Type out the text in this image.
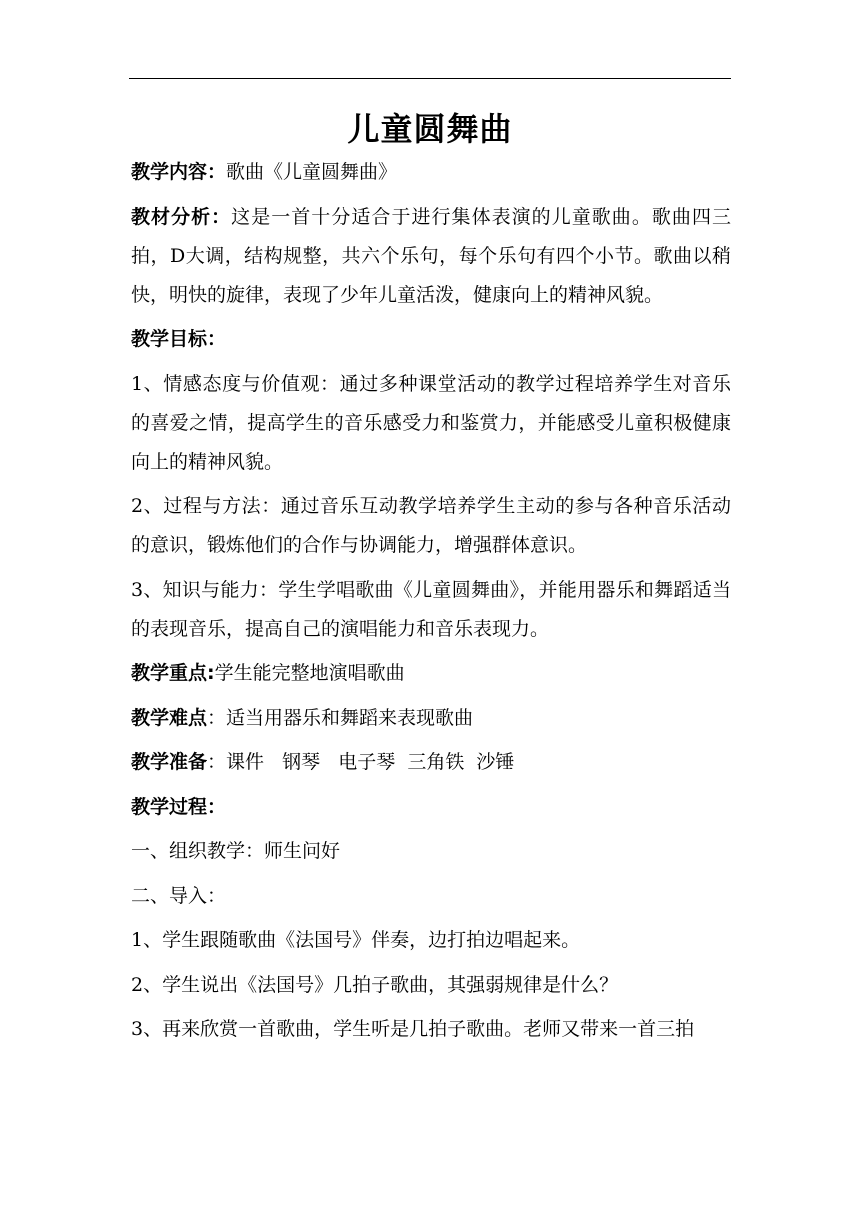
儿童圆舞曲

教学内容：歌曲《儿童圆舞曲》

教材分析：这是一首十分适合于进行集体表演的儿童歌曲。歌曲四三拍，D大调，结构规整，共六个乐句，每个乐句有四个小节。歌曲以稍快，明快的旋律，表现了少年儿童活泼，健康向上的精神风貌。

教学目标：

1、情感态度与价值观：通过多种课堂活动的教学过程培养学生对音乐的喜爱之情，提高学生的音乐感受力和鉴赏力，并能感受儿童积极健康向上的精神风貌。

2、过程与方法：通过音乐互动教学培养学生主动的参与各种音乐活动的意识，锻炼他们的合作与协调能力，增强群体意识。

3、知识与能力：学生学唱歌曲《儿童圆舞曲》，并能用器乐和舞蹈适当的表现音乐，提高自己的演唱能力和音乐表现力。

教学重点:学生能完整地演唱歌曲

教学难点：适当用器乐和舞蹈来表现歌曲

教学准备：课件   钢琴   电子琴  三角铁  沙锤

教学过程：

一、组织教学：师生问好

二、导入：

1、学生跟随歌曲《法国号》伴奏，边打拍边唱起来。

2、学生说出《法国号》几拍子歌曲，其强弱规律是什么？

3、再来欣赏一首歌曲，学生听是几拍子歌曲。老师又带来一首三拍
